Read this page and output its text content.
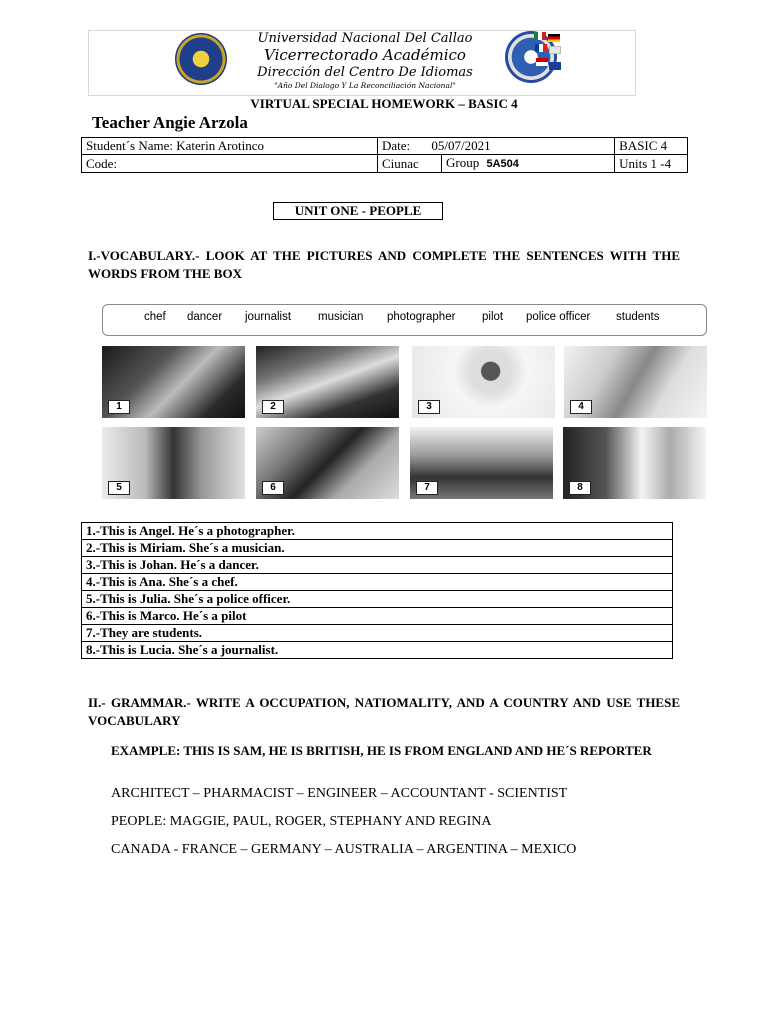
Universidad Nacional Del Callao
Vicerrectorado Académico
Dirección del Centro De Idiomas
"Año Del Dialogo Y La Reconciliación Nacional"
VIRTUAL SPECIAL HOMEWORK – BASIC 4
Teacher Angie Arzola
Student´s Name: Katerin Arotinco	Date: 05/07/2021		BASIC 4
Code:	Ciunac	Group 5A504	Units 1 -4
UNIT ONE - PEOPLE
I.-VOCABULARY.- LOOK AT THE PICTURES AND COMPLETE THE SENTENCES WITH THE WORDS FROM THE BOX
chef dancer journalist musician photographer pilot police officer students
1	2	3	4
5	6	7	8
1.-This is Angel. He´s a photographer.
2.-This is Miriam. She´s a musician.
3.-This is Johan. He´s a dancer.
4.-This is Ana. She´s a chef.
5.-This is Julia. She´s a police officer.
6.-This is Marco. He´s a pilot
7.-They are students.
8.-This is Lucia. She´s a journalist.
II.- GRAMMAR.- WRITE A OCCUPATION, NATIOMALITY, AND A COUNTRY AND USE THESE VOCABULARY
EXAMPLE: THIS IS SAM, HE IS BRITISH, HE IS FROM ENGLAND AND HE´S REPORTER
ARCHITECT – PHARMACIST – ENGINEER – ACCOUNTANT - SCIENTIST
PEOPLE: MAGGIE, PAUL, ROGER, STEPHANY AND REGINA
CANADA - FRANCE – GERMANY – AUSTRALIA – ARGENTINA – MEXICO
